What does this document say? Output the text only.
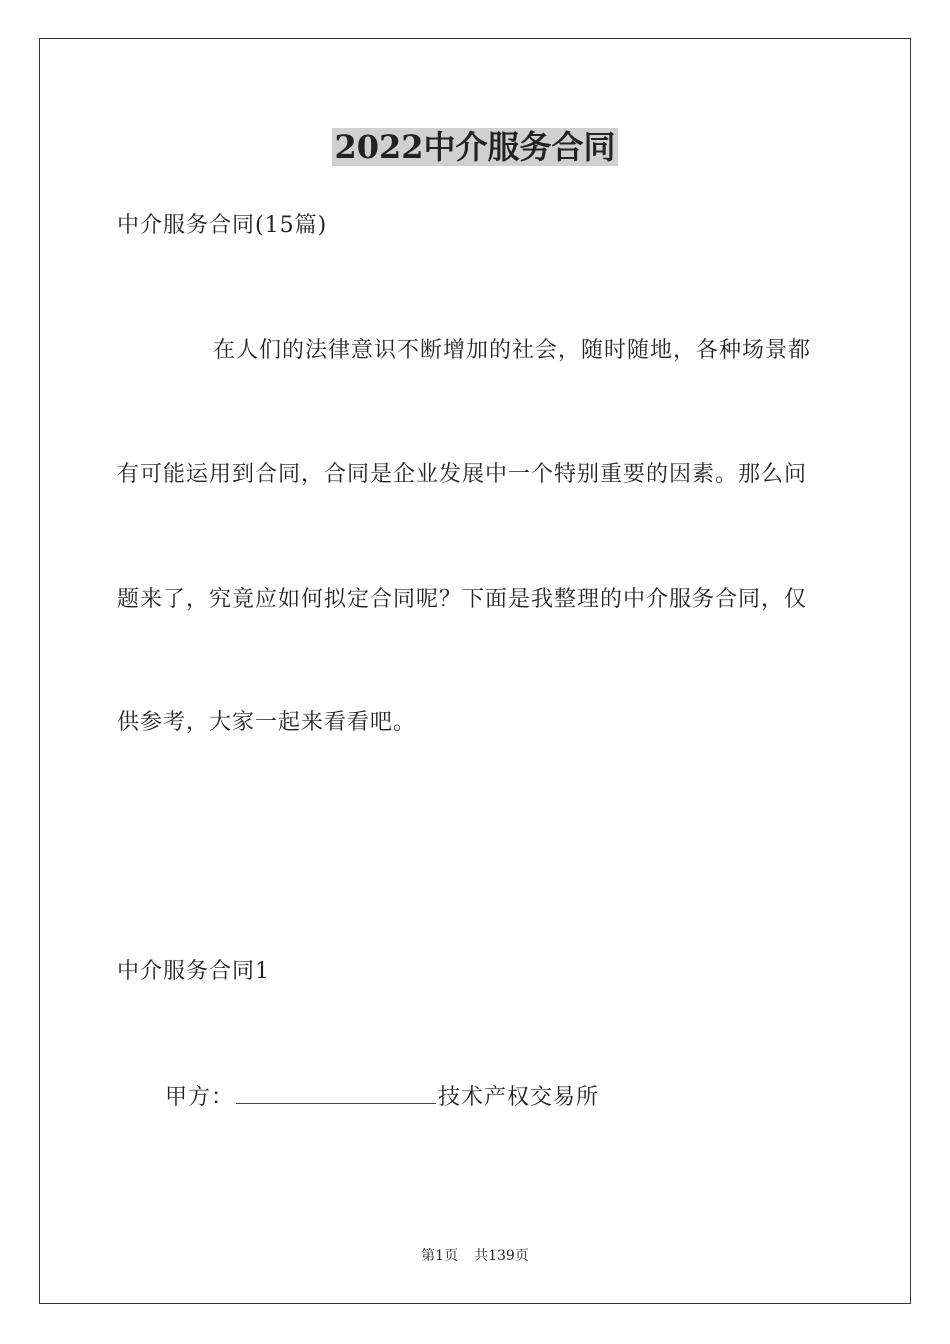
2022中介服务合同
中介服务合同(15篇)
在人们的法律意识不断增加的社会，随时随地，各种场景都
有可能运用到合同，合同是企业发展中一个特别重要的因素。那么问
题来了，究竟应如何拟定合同呢？下面是我整理的中介服务合同，仅
供参考，大家一起来看看吧。
中介服务合同1
甲方：	技术产权交易所
第1页 共139页
